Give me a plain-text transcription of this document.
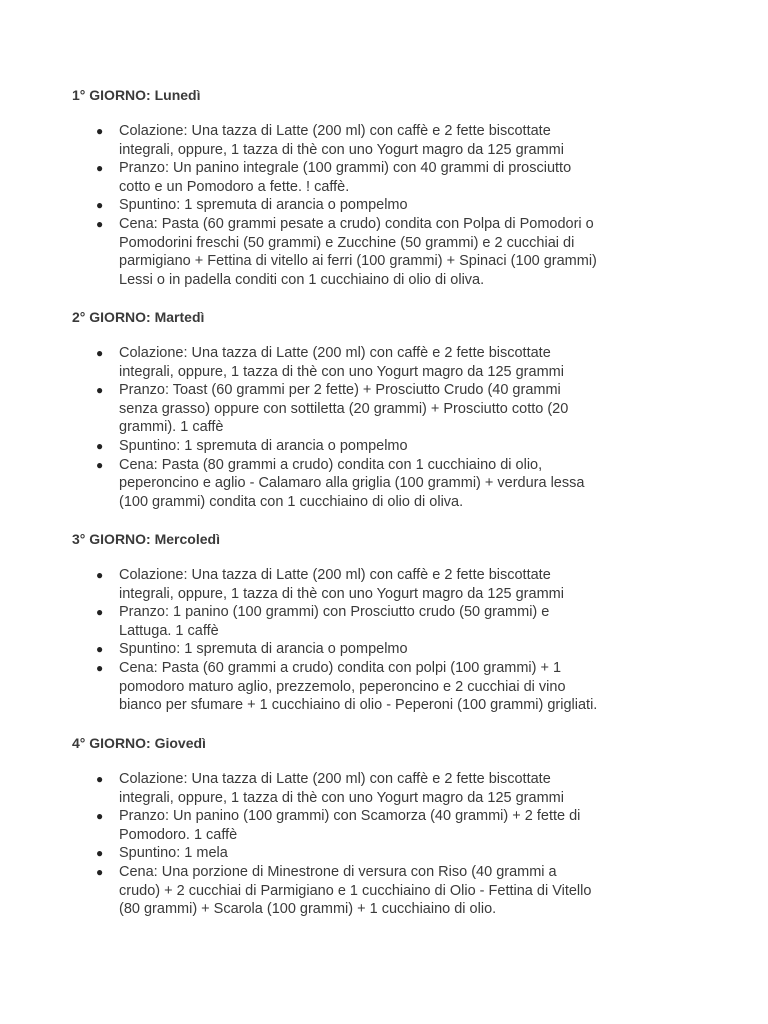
1° GIORNO: Lunedì
● Colazione: Una tazza di Latte (200 ml) con caffè e 2 fette biscottate
integrali, oppure, 1 tazza di thè con uno Yogurt magro da 125 grammi
● Pranzo: Un panino integrale (100 grammi) con 40 grammi di prosciutto
cotto e un Pomodoro a fette. ! caffè.
● Spuntino: 1 spremuta di arancia o pompelmo
● Cena: Pasta (60 grammi pesate a crudo) condita con Polpa di Pomodori o
Pomodorini freschi (50 grammi) e Zucchine (50 grammi) e 2 cucchiai di
parmigiano + Fettina di vitello ai ferri (100 grammi) + Spinaci (100 grammi)
Lessi o in padella conditi con 1 cucchiaino di olio di oliva.
2° GIORNO: Martedì
● Colazione: Una tazza di Latte (200 ml) con caffè e 2 fette biscottate
integrali, oppure, 1 tazza di thè con uno Yogurt magro da 125 grammi
● Pranzo: Toast (60 grammi per 2 fette) + Prosciutto Crudo (40 grammi
senza grasso) oppure con sottiletta (20 grammi) + Prosciutto cotto (20
grammi). 1 caffè
● Spuntino: 1 spremuta di arancia o pompelmo
● Cena: Pasta (80 grammi a crudo) condita con 1 cucchiaino di olio,
peperoncino e aglio - Calamaro alla griglia (100 grammi) + verdura lessa
(100 grammi) condita con 1 cucchiaino di olio di oliva.
3° GIORNO: Mercoledì
● Colazione: Una tazza di Latte (200 ml) con caffè e 2 fette biscottate
integrali, oppure, 1 tazza di thè con uno Yogurt magro da 125 grammi
● Pranzo: 1 panino (100 grammi) con Prosciutto crudo (50 grammi) e
Lattuga. 1 caffè
● Spuntino: 1 spremuta di arancia o pompelmo
● Cena: Pasta (60 grammi a crudo) condita con polpi (100 grammi) + 1
pomodoro maturo aglio, prezzemolo, peperoncino e 2 cucchiai di vino
bianco per sfumare + 1 cucchiaino di olio - Peperoni (100 grammi) grigliati.
4° GIORNO: Giovedì
● Colazione: Una tazza di Latte (200 ml) con caffè e 2 fette biscottate
integrali, oppure, 1 tazza di thè con uno Yogurt magro da 125 grammi
● Pranzo: Un panino (100 grammi) con Scamorza (40 grammi) + 2 fette di
Pomodoro. 1 caffè
● Spuntino: 1 mela
● Cena: Una porzione di Minestrone di versura con Riso (40 grammi a
crudo) + 2 cucchiai di Parmigiano e 1 cucchiaino di Olio - Fettina di Vitello
(80 grammi) + Scarola (100 grammi) + 1 cucchiaino di olio.
